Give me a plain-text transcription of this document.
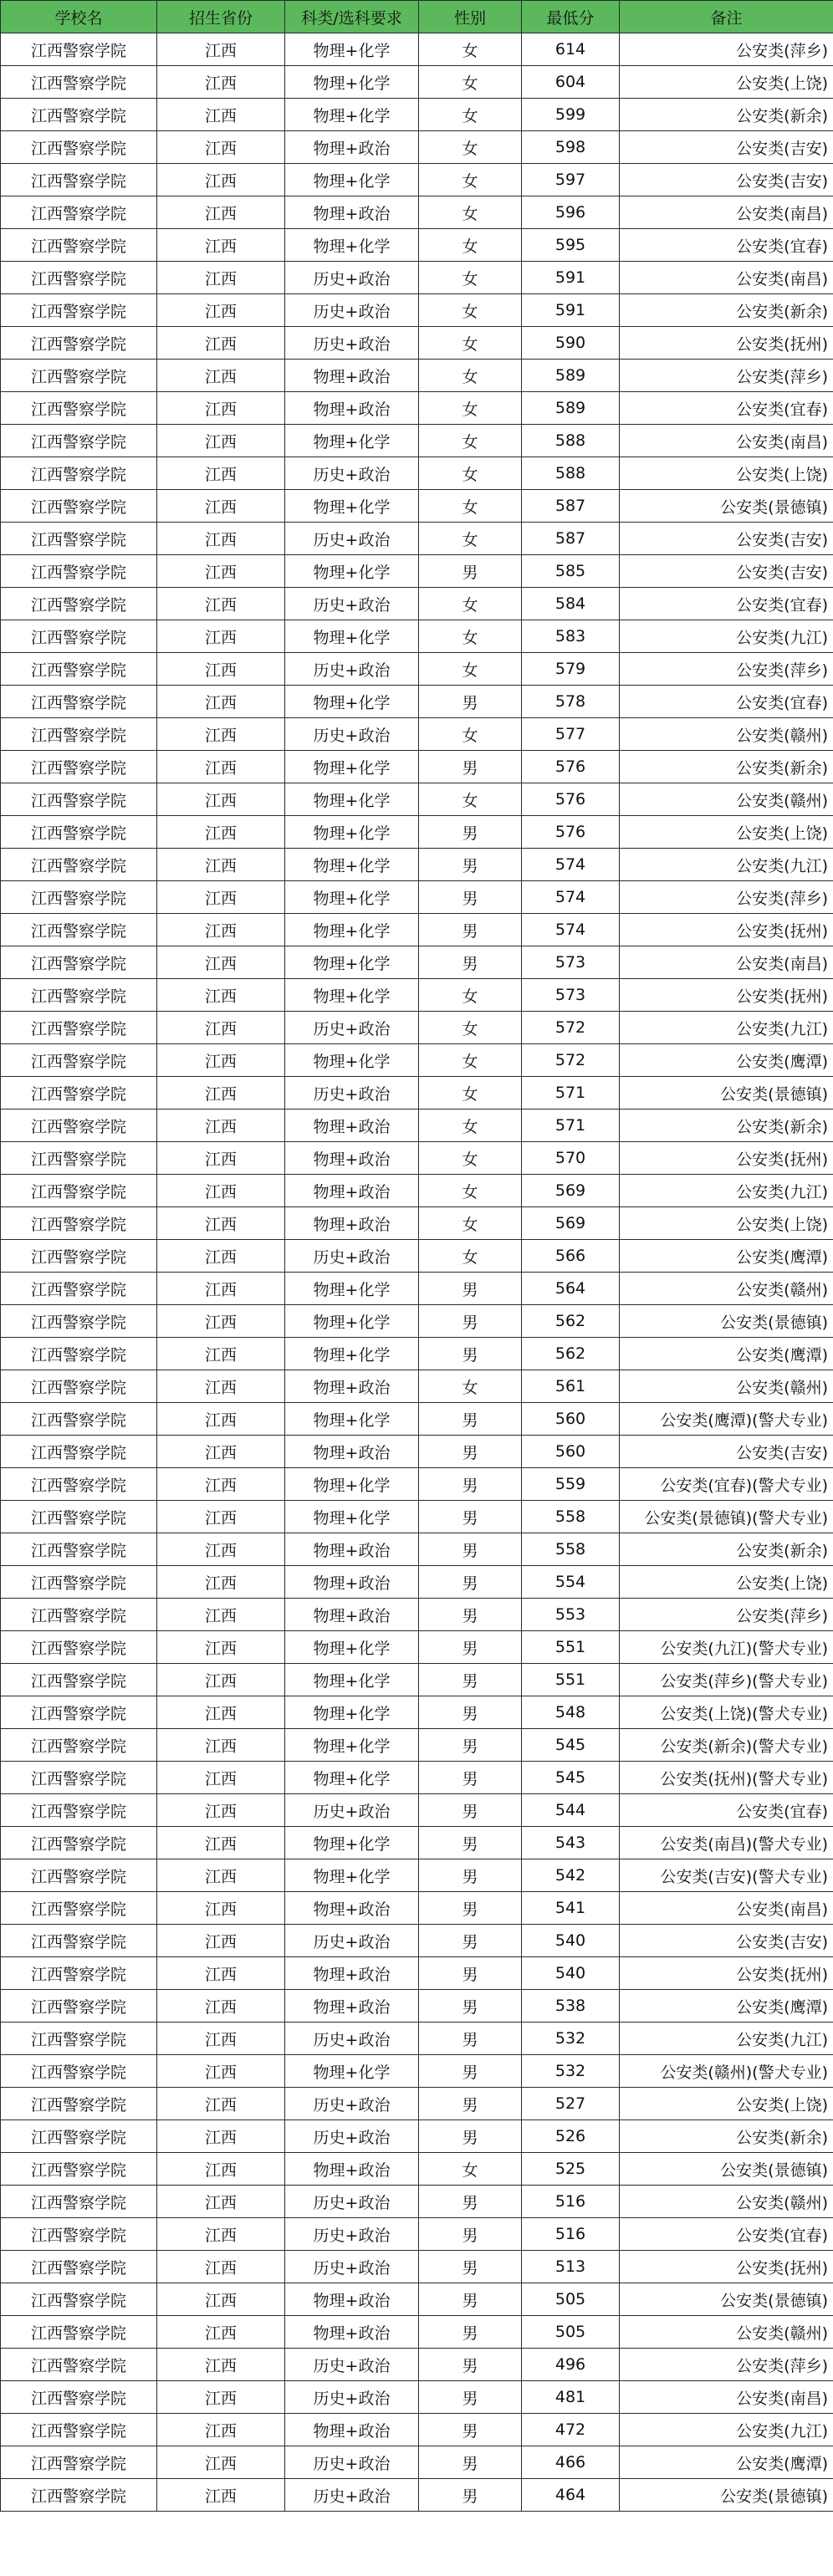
学校名	招生省份	科类/选科要求	性别	最低分	备注
江西警察学院	江西	物理+化学	女	614	公安类(萍乡)
江西警察学院	江西	物理+化学	女	604	公安类(上饶)
江西警察学院	江西	物理+化学	女	599	公安类(新余)
江西警察学院	江西	物理+政治	女	598	公安类(吉安)
江西警察学院	江西	物理+化学	女	597	公安类(吉安)
江西警察学院	江西	物理+政治	女	596	公安类(南昌)
江西警察学院	江西	物理+化学	女	595	公安类(宜春)
江西警察学院	江西	历史+政治	女	591	公安类(南昌)
江西警察学院	江西	历史+政治	女	591	公安类(新余)
江西警察学院	江西	历史+政治	女	590	公安类(抚州)
江西警察学院	江西	物理+政治	女	589	公安类(萍乡)
江西警察学院	江西	物理+政治	女	589	公安类(宜春)
江西警察学院	江西	物理+化学	女	588	公安类(南昌)
江西警察学院	江西	历史+政治	女	588	公安类(上饶)
江西警察学院	江西	物理+化学	女	587	公安类(景德镇)
江西警察学院	江西	历史+政治	女	587	公安类(吉安)
江西警察学院	江西	物理+化学	男	585	公安类(吉安)
江西警察学院	江西	历史+政治	女	584	公安类(宜春)
江西警察学院	江西	物理+化学	女	583	公安类(九江)
江西警察学院	江西	历史+政治	女	579	公安类(萍乡)
江西警察学院	江西	物理+化学	男	578	公安类(宜春)
江西警察学院	江西	历史+政治	女	577	公安类(赣州)
江西警察学院	江西	物理+化学	男	576	公安类(新余)
江西警察学院	江西	物理+化学	女	576	公安类(赣州)
江西警察学院	江西	物理+化学	男	576	公安类(上饶)
江西警察学院	江西	物理+化学	男	574	公安类(九江)
江西警察学院	江西	物理+化学	男	574	公安类(萍乡)
江西警察学院	江西	物理+化学	男	574	公安类(抚州)
江西警察学院	江西	物理+化学	男	573	公安类(南昌)
江西警察学院	江西	物理+化学	女	573	公安类(抚州)
江西警察学院	江西	历史+政治	女	572	公安类(九江)
江西警察学院	江西	物理+化学	女	572	公安类(鹰潭)
江西警察学院	江西	历史+政治	女	571	公安类(景德镇)
江西警察学院	江西	物理+政治	女	571	公安类(新余)
江西警察学院	江西	物理+政治	女	570	公安类(抚州)
江西警察学院	江西	物理+政治	女	569	公安类(九江)
江西警察学院	江西	物理+政治	女	569	公安类(上饶)
江西警察学院	江西	历史+政治	女	566	公安类(鹰潭)
江西警察学院	江西	物理+化学	男	564	公安类(赣州)
江西警察学院	江西	物理+化学	男	562	公安类(景德镇)
江西警察学院	江西	物理+化学	男	562	公安类(鹰潭)
江西警察学院	江西	物理+政治	女	561	公安类(赣州)
江西警察学院	江西	物理+化学	男	560	公安类(鹰潭)(警犬专业)
江西警察学院	江西	物理+政治	男	560	公安类(吉安)
江西警察学院	江西	物理+化学	男	559	公安类(宜春)(警犬专业)
江西警察学院	江西	物理+化学	男	558	公安类(景德镇)(警犬专业)
江西警察学院	江西	物理+政治	男	558	公安类(新余)
江西警察学院	江西	物理+政治	男	554	公安类(上饶)
江西警察学院	江西	物理+政治	男	553	公安类(萍乡)
江西警察学院	江西	物理+化学	男	551	公安类(九江)(警犬专业)
江西警察学院	江西	物理+化学	男	551	公安类(萍乡)(警犬专业)
江西警察学院	江西	物理+化学	男	548	公安类(上饶)(警犬专业)
江西警察学院	江西	物理+化学	男	545	公安类(新余)(警犬专业)
江西警察学院	江西	物理+化学	男	545	公安类(抚州)(警犬专业)
江西警察学院	江西	历史+政治	男	544	公安类(宜春)
江西警察学院	江西	物理+化学	男	543	公安类(南昌)(警犬专业)
江西警察学院	江西	物理+化学	男	542	公安类(吉安)(警犬专业)
江西警察学院	江西	物理+政治	男	541	公安类(南昌)
江西警察学院	江西	历史+政治	男	540	公安类(吉安)
江西警察学院	江西	物理+政治	男	540	公安类(抚州)
江西警察学院	江西	物理+政治	男	538	公安类(鹰潭)
江西警察学院	江西	历史+政治	男	532	公安类(九江)
江西警察学院	江西	物理+化学	男	532	公安类(赣州)(警犬专业)
江西警察学院	江西	历史+政治	男	527	公安类(上饶)
江西警察学院	江西	历史+政治	男	526	公安类(新余)
江西警察学院	江西	物理+政治	女	525	公安类(景德镇)
江西警察学院	江西	历史+政治	男	516	公安类(赣州)
江西警察学院	江西	历史+政治	男	516	公安类(宜春)
江西警察学院	江西	历史+政治	男	513	公安类(抚州)
江西警察学院	江西	物理+政治	男	505	公安类(景德镇)
江西警察学院	江西	物理+政治	男	505	公安类(赣州)
江西警察学院	江西	历史+政治	男	496	公安类(萍乡)
江西警察学院	江西	历史+政治	男	481	公安类(南昌)
江西警察学院	江西	物理+政治	男	472	公安类(九江)
江西警察学院	江西	历史+政治	男	466	公安类(鹰潭)
江西警察学院	江西	历史+政治	男	464	公安类(景德镇)
